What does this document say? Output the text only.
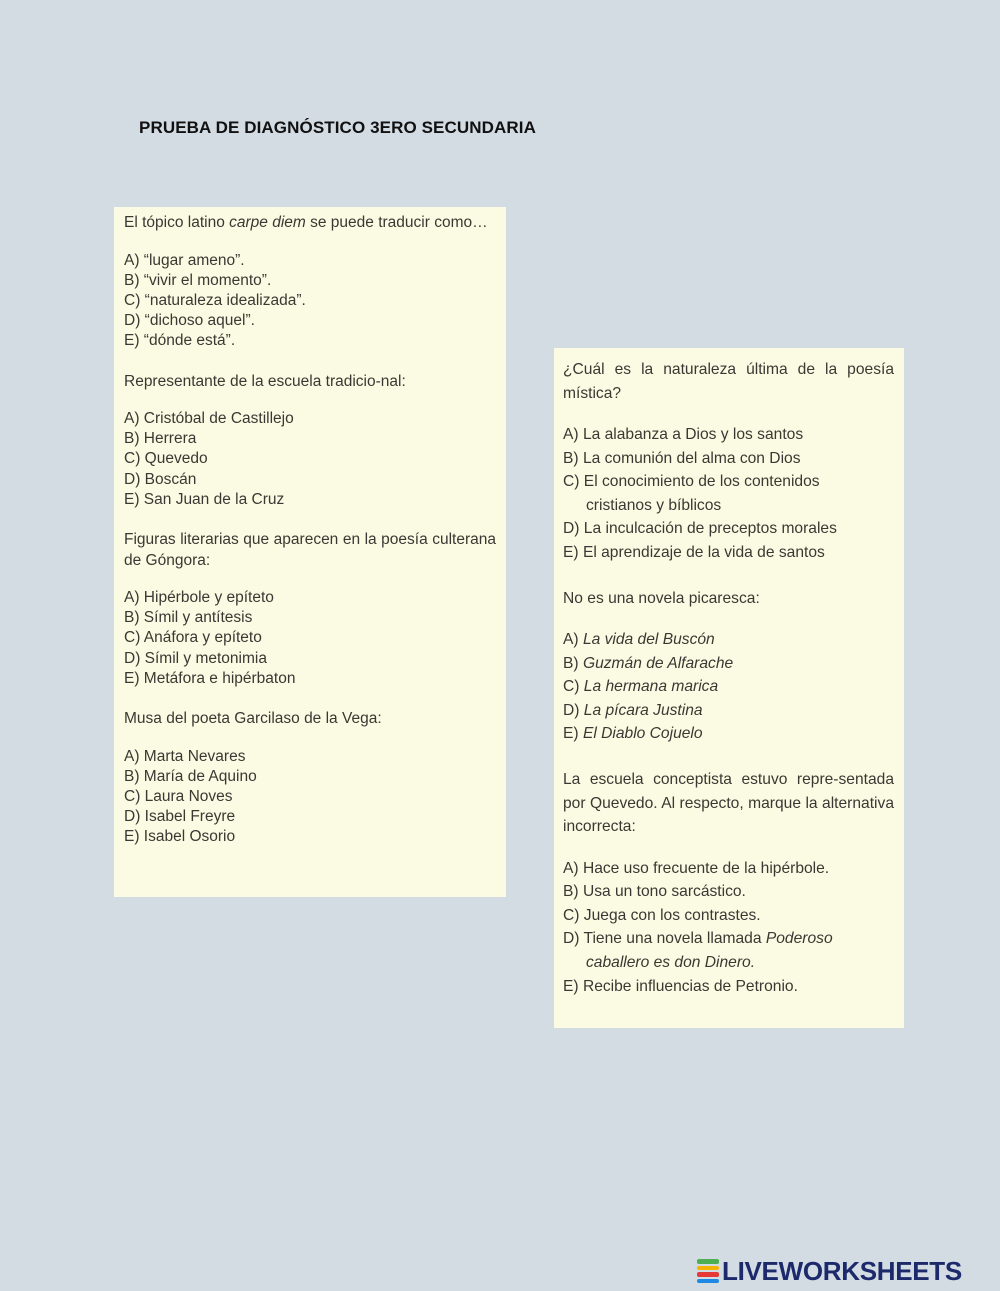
PRUEBA DE DIAGNÓSTICO 3ERO SECUNDARIA
El tópico latino carpe diem se puede traducir como…
A) “lugar ameno”.
B) “vivir el momento”.
C) “naturaleza idealizada”.
D) “dichoso aquel”.
E) “dónde está”.
Representante de la escuela tradicio-nal:
A) Cristóbal de Castillejo
B) Herrera
C) Quevedo
D) Boscán
E) San Juan de la Cruz
Figuras literarias que aparecen en la poesía culterana de Góngora:
A) Hipérbole y epíteto
B) Símil y antítesis
C) Anáfora y epíteto
D) Símil y metonimia
E) Metáfora e hipérbaton
Musa del poeta Garcilaso de la Vega:
A) Marta Nevares
B) María de Aquino
C) Laura Noves
D) Isabel Freyre
E) Isabel Osorio
¿Cuál es la naturaleza última de la poesía mística?
A) La alabanza a Dios y los santos
B) La comunión del alma con Dios
C) El conocimiento de los contenidos
cristianos y bíblicos
D) La inculcación de preceptos morales
E) El aprendizaje de la vida de santos
No es una novela picaresca:
A) La vida del Buscón
B) Guzmán de Alfarache
C) La hermana marica
D) La pícara Justina
E) El Diablo Cojuelo
La escuela conceptista estuvo repre-sentada por Quevedo. Al respecto, marque la alternativa incorrecta:
A) Hace uso frecuente de la hipérbole.
B) Usa un tono sarcástico.
C) Juega con los contrastes.
D) Tiene una novela llamada Poderoso
caballero es don Dinero.
E) Recibe influencias de Petronio.
LIVEWORKSHEETS
